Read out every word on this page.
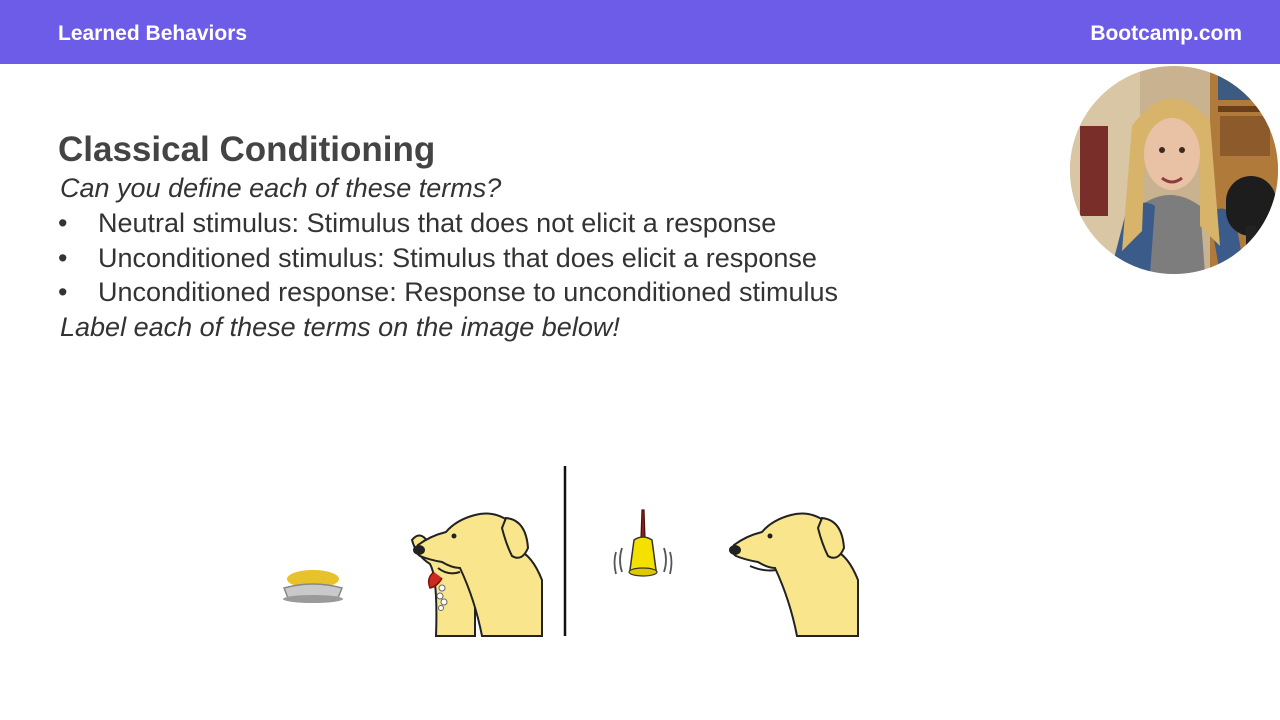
Learned Behaviors	Bootcamp.com
Classical Conditioning
Can you define each of these terms?
• Neutral stimulus: Stimulus that does not elicit a response
• Unconditioned stimulus: Stimulus that does elicit a response
• Unconditioned response: Response to unconditioned stimulus
Label each of these terms on the image below!
